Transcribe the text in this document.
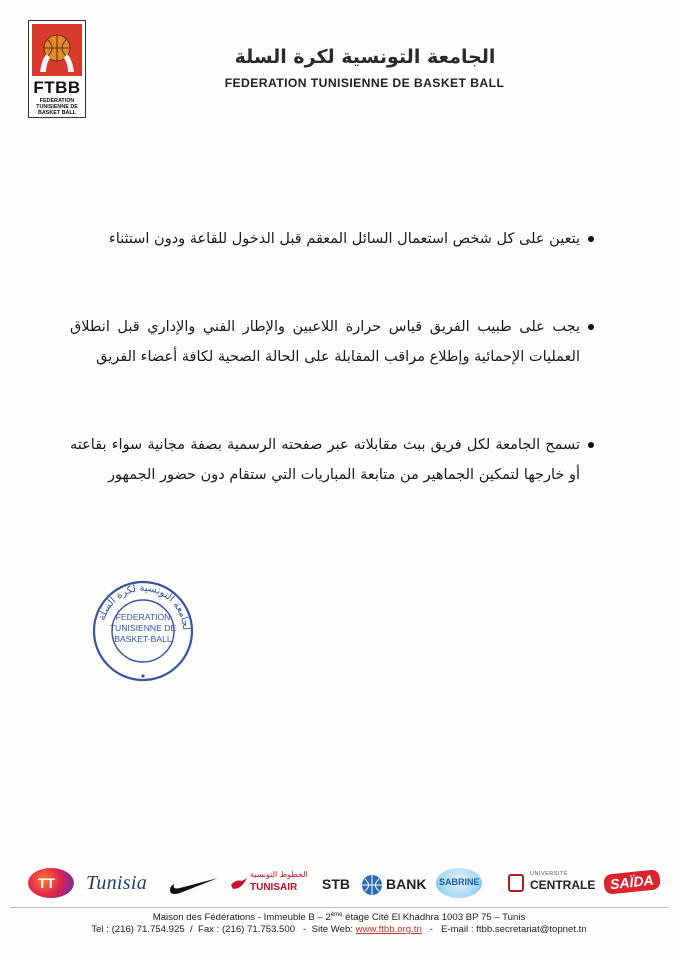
FTBB
FEDERATION
TUNISIENNE DE
BASKET BALL
الجامعة التونسية لكرة السلة
FEDERATION TUNISIENNE DE BASKET BALL
يتعين على كل شخص استعمال السائل المعقم قبل الدخول للقاعة ودون استثناء
يجب على طبيب الفريق قياس حرارة اللاعبين والإطار الفني والإداري قبل انطلاق العمليات الإحمائية وإطلاع مراقب المقابلة على الحالة الصحية لكافة أعضاء الفريق
تسمح الجامعة لكل فريق ببث مقابلاته عبر صفحته الرسمية بصفة مجانية سواء بقاعته أو خارجها لتمكين الجماهير من متابعة المباريات التي ستقام دون حضور الجمهور
لجامعة التونسية لكرة السلة
FEDERATION
TUNISIENNE DE
BASKET-BALL
TT Tunisia	الخطوط التونسية
TUNISAIR STB	BANK SABRINE
UNIVERSITÉ
CENTRALE SAÏDA
Maison des Fédérations - Immeuble B – 2ème étage Cité El Khadhra 1003 BP 75 – Tunis
Tel : (216) 71.754.925  /  Fax : (216) 71.753.500   -  Site Web: www.ftbb.org.tn   -   E-mail : ftbb.secretariat@topnet.tn
